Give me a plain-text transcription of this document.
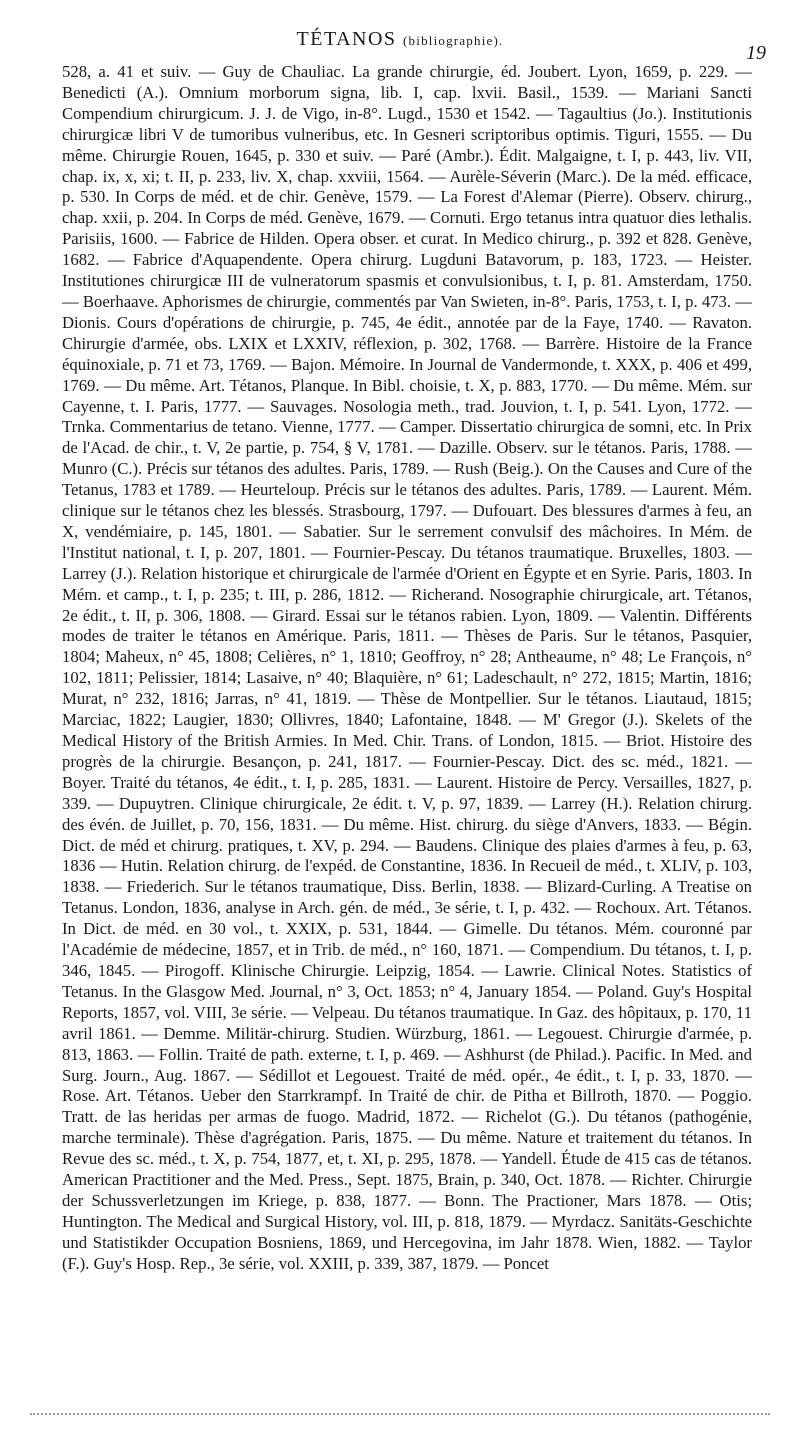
TÉTANOS (bibliographie).
19

528, a. 41 et suiv. — Guy de Chauliac. La grande chirurgie, éd. Joubert. Lyon, 1659, p. 229. — Benedicti (A.). Omnium morborum signa, lib. I, cap. lxvii. Basil., 1539. — Mariani Sancti Compendium chirurgicum. J. J. de Vigo, in-8°. Lugd., 1530 et 1542. — Tagaultius (Jo.). Institutionis chirurgicæ libri V de tumoribus vulneribus, etc. In Gesneri scriptoribus optimis. Tiguri, 1555. — Du même. Chirurgie Rouen, 1645, p. 330 et suiv. — Paré (Ambr.). Édit. Malgaigne, t. I, p. 443, liv. VII, chap. ix, x, xi; t. II, p. 233, liv. X, chap. xxviii, 1564. — Aurèle-Séverin (Marc.). De la méd. efficace, p. 530. In Corps de méd. et de chir. Genève, 1579. — La Forest d'Alemar (Pierre). Observ. chirurg., chap. xxii, p. 204. In Corps de méd. Genève, 1679. — Cornuti. Ergo tetanus intra quatuor dies lethalis. Parisiis, 1600. — Fabrice de Hilden. Opera obser. et curat. In Medico chirurg., p. 392 et 828. Genève, 1682. — Fabrice d'Aquapendente. Opera chirurg. Lugduni Batavorum, p. 183, 1723. — Heister. Institutiones chirurgicæ III de vulneratorum spasmis et convulsionibus, t. I, p. 81. Amsterdam, 1750. — Boerhaave. Aphorismes de chirurgie, commentés par Van Swieten, in-8°. Paris, 1753, t. I, p. 473. — Dionis. Cours d'opérations de chirurgie, p. 745, 4e édit., annotée par de la Faye, 1740. — Ravaton. Chirurgie d'armée, obs. LXIX et LXXIV, réflexion, p. 302, 1768. — Barrère. Histoire de la France équinoxiale, p. 71 et 73, 1769. — Bajon. Mémoire. In Journal de Vandermonde, t. XXX, p. 406 et 499, 1769. — Du même. Art. Tétanos, Planque. In Bibl. choisie, t. X, p. 883, 1770. — Du même. Mém. sur Cayenne, t. I. Paris, 1777. — Sauvages. Nosologia meth., trad. Jouvion, t. I, p. 541. Lyon, 1772. — Trnka. Commentarius de tetano. Vienne, 1777. — Camper. Dissertatio chirurgica de somni, etc. In Prix de l'Acad. de chir., t. V, 2e partie, p. 754, § V, 1781. — Dazille. Observ. sur le tétanos. Paris, 1788. — Munro (C.). Précis sur tétanos des adultes. Paris, 1789. — Rush (Beig.). On the Causes and Cure of the Tetanus, 1783 et 1789. — Heurteloup. Précis sur le tétanos des adultes. Paris, 1789. — Laurent. Mém. clinique sur le tétanos chez les blessés. Strasbourg, 1797. — Dufouart. Des blessures d'armes à feu, an X, vendémiaire, p. 145, 1801. — Sabatier. Sur le serrement convulsif des mâchoires. In Mém. de l'Institut national, t. I, p. 207, 1801. — Fournier-Pescay. Du tétanos traumatique. Bruxelles, 1803. — Larrey (J.). Relation historique et chirurgicale de l'armée d'Orient en Égypte et en Syrie. Paris, 1803. In Mém. et camp., t. I, p. 235; t. III, p. 286, 1812. — Richerand. Nosographie chirurgicale, art. Tétanos, 2e édit., t. II, p. 306, 1808. — Girard. Essai sur le tétanos rabien. Lyon, 1809. — Valentin. Différents modes de traiter le tétanos en Amérique. Paris, 1811. — Thèses de Paris. Sur le tétanos, Pasquier, 1804; Maheux, n° 45, 1808; Celières, n° 1, 1810; Geoffroy, n° 28; Antheaume, n° 48; Le François, n° 102, 1811; Pelissier, 1814; Lasaive, n° 40; Blaquière, n° 61; Ladeschault, n° 272, 1815; Martin, 1816; Murat, n° 232, 1816; Jarras, n° 41, 1819. — Thèse de Montpellier. Sur le tétanos. Liautaud, 1815; Marciac, 1822; Laugier, 1830; Ollivres, 1840; Lafontaine, 1848. — M' Gregor (J.). Skelets of the Medical History of the British Armies. In Med. Chir. Trans. of London, 1815. — Briot. Histoire des progrès de la chirurgie. Besançon, p. 241, 1817. — Fournier-Pescay. Dict. des sc. méd., 1821. — Boyer. Traité du tétanos, 4e édit., t. I, p. 285, 1831. — Laurent. Histoire de Percy. Versailles, 1827, p. 339. — Dupuytren. Clinique chirurgicale, 2e édit. t. V, p. 97, 1839. — Larrey (H.). Relation chirurg. des évén. de Juillet, p. 70, 156, 1831. — Du même. Hist. chirurg. du siège d'Anvers, 1833. — Bégin. Dict. de méd et chirurg. pratiques, t. XV, p. 294. — Baudens. Clinique des plaies d'armes à feu, p. 63, 1836 — Hutin. Relation chirurg. de l'expéd. de Constantine, 1836. In Recueil de méd., t. XLIV, p. 103, 1838. — Friederich. Sur le tétanos traumatique, Diss. Berlin, 1838. — Blizard-Curling. A Treatise on Tetanus. London, 1836, analyse in Arch. gén. de méd., 3e série, t. I, p. 432. — Rochoux. Art. Tétanos. In Dict. de méd. en 30 vol., t. XXIX, p. 531, 1844. — Gimelle. Du tétanos. Mém. couronné par l'Académie de médecine, 1857, et in Trib. de méd., n° 160, 1871. — Compendium. Du tétanos, t. I, p. 346, 1845. — Pirogoff. Klinische Chirurgie. Leipzig, 1854. — Lawrie. Clinical Notes. Statistics of Tetanus. In the Glasgow Med. Journal, n° 3, Oct. 1853; n° 4, January 1854. — Poland. Guy's Hospital Reports, 1857, vol. VIII, 3e série. — Velpeau. Du tétanos traumatique. In Gaz. des hôpitaux, p. 170, 11 avril 1861. — Demme. Militär-chirurg. Studien. Würzburg, 1861. — Legouest. Chirurgie d'armée, p. 813, 1863. — Follin. Traité de path. externe, t. I, p. 469. — Ashhurst (de Philad.). Pacific. In Med. and Surg. Journ., Aug. 1867. — Sédillot et Legouest. Traité de méd. opér., 4e édit., t. I, p. 33, 1870. — Rose. Art. Tétanos. Ueber den Starrkrampf. In Traité de chir. de Pitha et Billroth, 1870. — Poggio. Tratt. de las heridas per armas de fuogo. Madrid, 1872. — Richelot (G.). Du tétanos (pathogénie, marche terminale). Thèse d'agrégation. Paris, 1875. — Du même. Nature et traitement du tétanos. In Revue des sc. méd., t. X, p. 754, 1877, et, t. XI, p. 295, 1878. — Yandell. Étude de 415 cas de tétanos. American Practitioner and the Med. Press., Sept. 1875, Brain, p. 340, Oct. 1878. — Richter. Chirurgie der Schussverletzungen im Kriege, p. 838, 1877. — Bonn. The Practioner, Mars 1878. — Otis; Huntington. The Medical and Surgical History, vol. III, p. 818, 1879. — Myrdacz. Sanitäts-Geschichte und Statistikder Occupation Bosniens, 1869, und Hercegovina, im Jahr 1878. Wien, 1882. — Taylor (F.). Guy's Hosp. Rep., 3e série, vol. XXIII, p. 339, 387, 1879. — Poncet
